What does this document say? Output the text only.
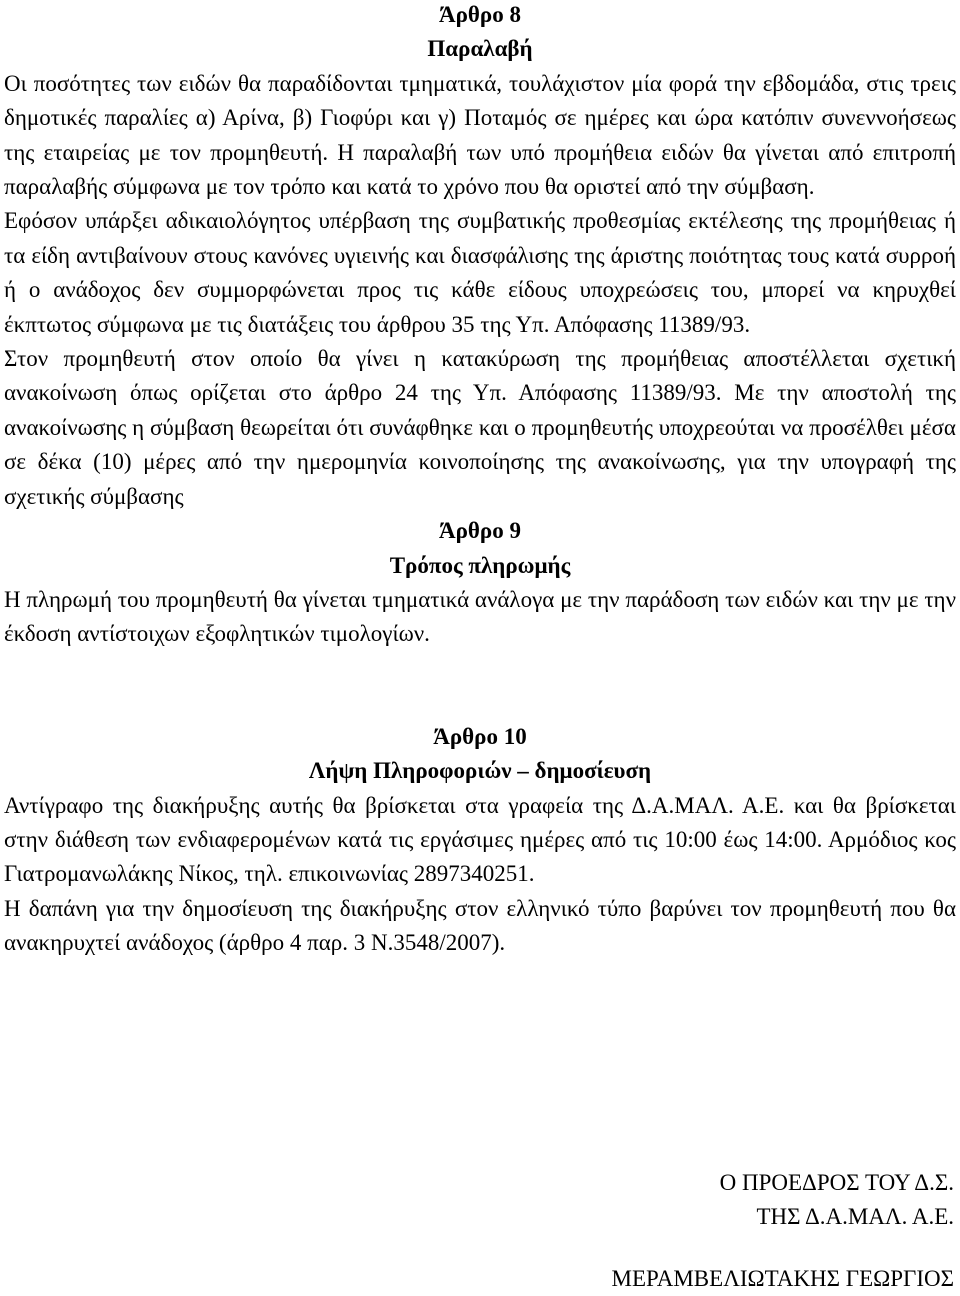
Άρθρο 8
Παραλαβή

Οι ποσότητες των ειδών θα παραδίδονται τμηματικά, τουλάχιστον μία φορά την εβδομάδα, στις τρεις δημοτικές παραλίες α) Αρίνα, β) Γιοφύρι και γ) Ποταμός σε ημέρες και ώρα κατόπιν συνεννοήσεως της εταιρείας με τον προμηθευτή. Η παραλαβή των υπό προμήθεια ειδών θα γίνεται από επιτροπή παραλαβής σύμφωνα με τον τρόπο και κατά το χρόνο που θα οριστεί από την σύμβαση.

Εφόσον υπάρξει αδικαιολόγητος υπέρβαση της συμβατικής προθεσμίας εκτέλεσης της προμήθειας ή τα είδη αντιβαίνουν στους κανόνες υγιεινής και διασφάλισης της άριστης ποιότητας τους κατά συρροή ή ο ανάδοχος δεν συμμορφώνεται προς τις κάθε είδους υποχρεώσεις του, μπορεί να κηρυχθεί έκπτωτος σύμφωνα με τις διατάξεις του άρθρου 35 της Υπ. Απόφασης 11389/93.

Στον προμηθευτή στον οποίο θα γίνει η κατακύρωση της προμήθειας αποστέλλεται σχετική ανακοίνωση όπως ορίζεται στο άρθρο 24 της Υπ. Απόφασης 11389/93. Με την αποστολή της ανακοίνωσης η σύμβαση θεωρείται ότι συνάφθηκε και ο προμηθευτής υποχρεούται να προσέλθει μέσα σε δέκα (10) μέρες από την ημερομηνία κοινοποίησης της ανακοίνωσης, για την υπογραφή της σχετικής σύμβασης

Άρθρο 9
Τρόπος πληρωμής

Η πληρωμή του προμηθευτή θα γίνεται τμηματικά ανάλογα με την παράδοση των ειδών και την με την έκδοση αντίστοιχων εξοφλητικών τιμολογίων.

Άρθρο 10
Λήψη Πληροφοριών – δημοσίευση

Αντίγραφο της διακήρυξης αυτής θα βρίσκεται στα γραφεία της Δ.Α.ΜΑΛ. Α.Ε. και θα βρίσκεται στην διάθεση των ενδιαφερομένων κατά τις εργάσιμες ημέρες από τις 10:00 έως 14:00. Αρμόδιος κος Γιατρομανωλάκης Νίκος, τηλ. επικοινωνίας 2897340251.

Η δαπάνη για την δημοσίευση της διακήρυξης στον ελληνικό τύπο βαρύνει τον προμηθευτή που θα ανακηρυχτεί ανάδοχος (άρθρο 4 παρ. 3 Ν.3548/2007).

Ο ΠΡΟΕΔΡΟΣ ΤΟΥ Δ.Σ.

ΤΗΣ Δ.Α.ΜΑΛ. Α.Ε.

ΜΕΡΑΜΒΕΛΙΩΤΑΚΗΣ ΓΕΩΡΓΙΟΣ
